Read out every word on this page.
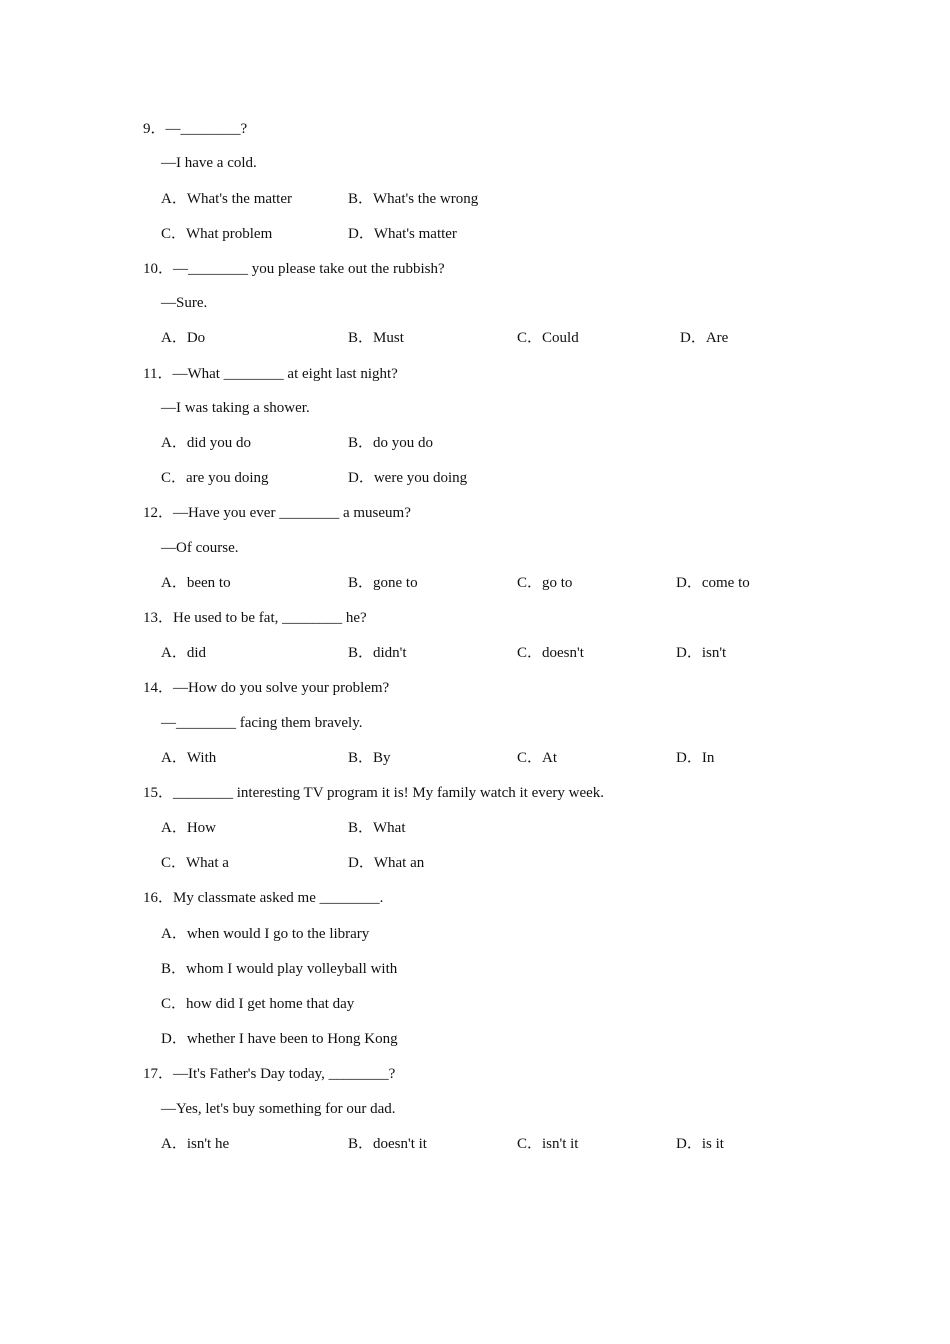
9．—________?
—I have a cold.
A．What's the matter	B．What's the wrong
C．What problem	D．What's matter
10．—________ you please take out the rubbish?
—Sure.
A．Do	B．Must	C．Could	D．Are
11．—What ________ at eight last night?
—I was taking a shower.
A．did you do	B．do you do
C．are you doing	D．were you doing
12．—Have you ever ________ a museum?
—Of course.
A．been to	B．gone to	C．go to	D．come to
13．He used to be fat, ________ he?
A．did	B．didn't	C．doesn't	D．isn't
14．—How do you solve your problem?
—________ facing them bravely.
A．With	B．By	C．At	D．In
15．________ interesting TV program it is! My family watch it every week.
A．How	B．What
C．What a	D．What an
16．My classmate asked me ________.
A．when would I go to the library
B．whom I would play volleyball with
C．how did I get home that day
D．whether I have been to Hong Kong
17．—It's Father's Day today, ________?
—Yes, let's buy something for our dad.
A．isn't he	B．doesn't it	C．isn't it	D．is it
